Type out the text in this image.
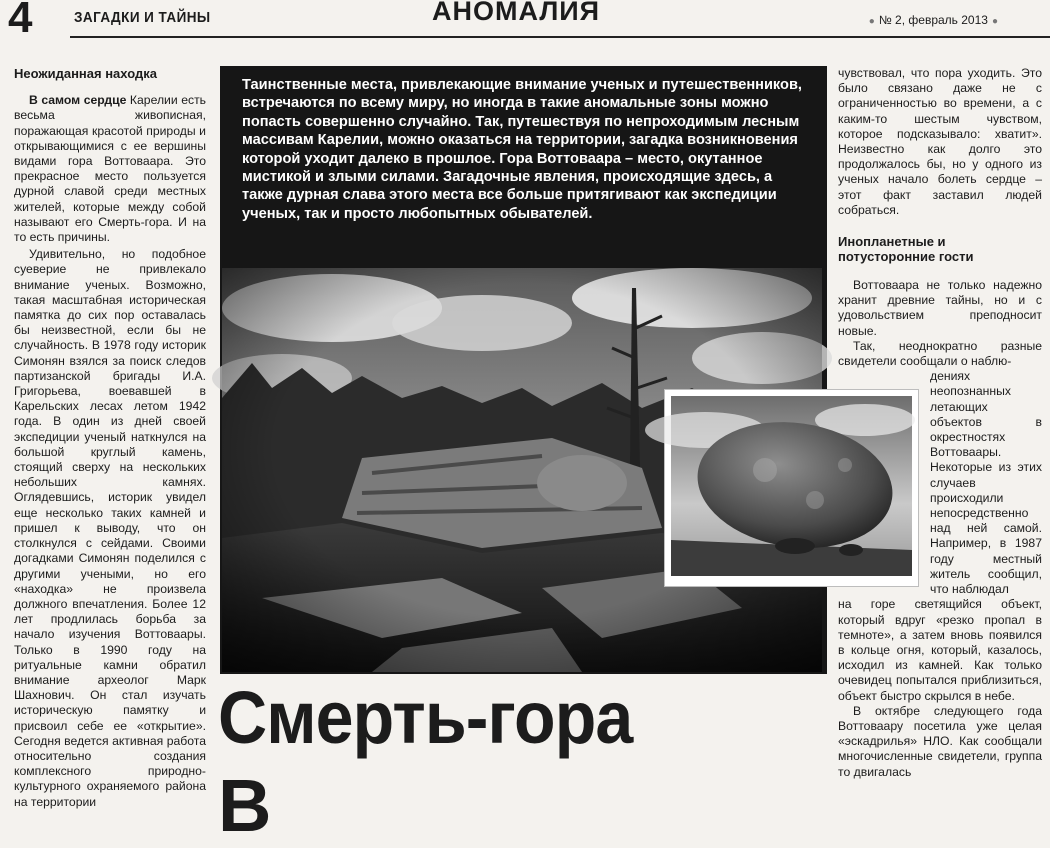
4	ЗАГАДКИ И ТАЙНЫ	АНОМАЛИЯ	● № 2, февраль 2013 ●
Неожиданная находка

В самом сердце Карелии есть весьма живописная, поражающая красотой природы и открывающимися с ее вершины видами гора Воттоваара. Это прекрасное место пользуется дурной славой среди местных жителей, которые между собой называют его Смерть-гора. И на то есть причины.

Удивительно, но подобное суеверие не привлекало внимание ученых. Возможно, такая масштабная историческая памятка до сих пор оставалась бы неизвестной, если бы не случайность. В 1978 году историк Симонян взялся за поиск следов партизанской бригады И.А. Григорьева, воевавшей в Карельских лесах летом 1942 года. В один из дней своей экспедиции ученый наткнулся на большой круглый камень, стоящий сверху на нескольких небольших камнях. Оглядевшись, историк увидел еще несколько таких камней и пришел к выводу, что он столкнулся с сейдами. Своими догадками Симонян поделился с другими учеными, но его «находка» не произвела должного впечатления. Более 12 лет продлилась борьба за начало изучения Воттоваары. Только в 1990 году на ритуальные камни обратил внимание археолог Марк Шахнович. Он стал изучать историческую памятку и присвоил себе ее «открытие». Сегодня ведется активная работа относительно создания комплексного природно-культурного охраняемого района на территории

Таинственные места, привлекающие внимание ученых и путешественников, встречаются по всему миру, но иногда в такие аномальные зоны можно попасть совершенно случайно. Так, путешествуя по непроходимым лесным массивам Карелии, можно оказаться на территории, загадка возникновения которой уходит далеко в прошлое. Гора Воттоваара – место, окутанное мистикой и злыми силами. Загадочные явления, происходящие здесь, а также дурная слава этого места все больше притягивают как экспедиции ученых, так и просто любопытных обывателей.

чувствовал, что пора уходить. Это было связано даже не с ограниченностью во времени, а с каким-то шестым чувством, которое подсказывало: хватит». Неизвестно как долго это продолжалось бы, но у одного из ученых начало болеть сердце – этот факт заставил людей собраться.

Инопланетные и потусторонние гости

Воттоваара не только надежно хранит древние тайны, но и с удовольствием преподносит новые.

Так, неоднократно разные свидетели сообщали о наблю-

дениях неопознанных летающих объектов в окрестностях Воттоваары. Некоторые из этих случаев происходили непосредственно над ней самой. Например, в 1987 году местный житель сообщил, что наблюдал

на горе светящийся объект, который вдруг «резко пропал в темноте», а затем вновь появился в кольце огня, который, казалось, исходил из камней. Как только очевидец попытался приблизиться, объект быстро скрылся в небе.

В октябре следующего года Воттоваару посетила уже целая «эскадрилья» НЛО. Как сообщали многочисленные свидетели, группа то двигалась

Смерть-гора
В
